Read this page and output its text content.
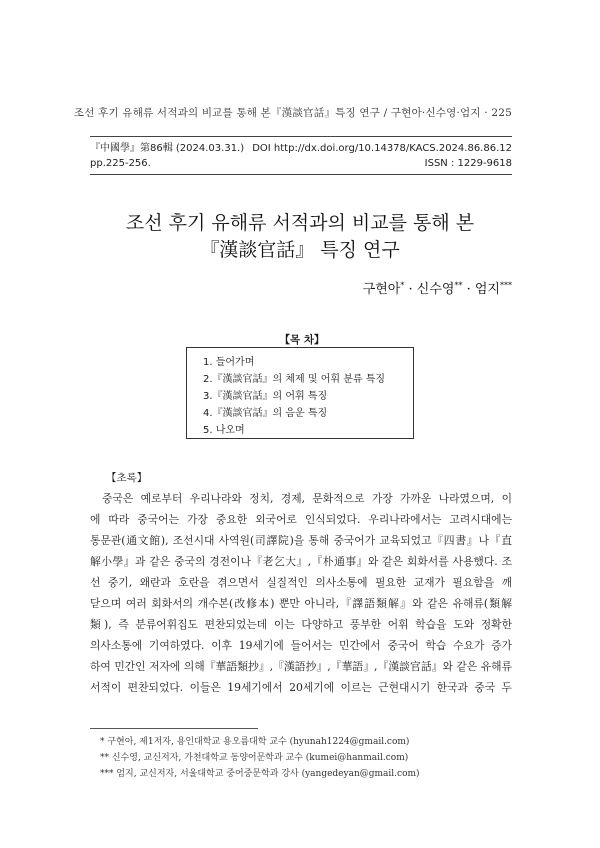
조선 후기 유해류 서적과의 비교를 통해 본『漢談官話』특징 연구 / 구현아·신수영·엄지 · 225
『中國學』第86輯 (2024.03.31.) DOI http://dx.doi.org/10.14378/KACS.2024.86.86.12
pp.225-256.	ISSN : 1229-9618
조선 후기 유해류 서적과의 비교를 통해 본
『漢談官話』 특징 연구
구현아* · 신수영** · 엄지***
【목 차】
1. 들어가며
2.『漢談官話』의 체제 및 어휘 분류 특징
3.『漢談官話』의 어휘 특징
4.『漢談官話』의 음운 특징
5. 나오며
【초록】
중국은 예로부터 우리나라와 정치, 경제, 문화적으로 가장 가까운 나라였으며, 이
에 따라 중국어는 가장 중요한 외국어로 인식되었다. 우리나라에서는 고려시대에는
통문관(通文館), 조선시대 사역원(司譯院)을 통해 중국어가 교육되었고『四書』나『直
解小學』과 같은 중국의 경전이나『老乞大』,『朴通事』와 같은 회화서를 사용했다. 조
선 중기, 왜란과 호란을 겪으면서 실질적인 의사소통에 필요한 교재가 필요함을 깨
닫으며 여러 회화서의 개수본(改修本) 뿐만 아니라,『譯語類解』와 같은 유해류(類解
類), 즉 분류어휘집도 편찬되었는데 이는 다양하고 풍부한 어휘 학습을 도와 정확한
의사소통에 기여하였다. 이후 19세기에 들어서는 민간에서 중국어 학습 수요가 증가
하여 민간인 저자에 의해『華語類抄』,『漢語抄』,『華語』,『漢談官話』와 같은 유해류
서적이 편찬되었다. 이들은 19세기에서 20세기에 이르는 근현대시기 한국과 중국 두
* 구현아, 제1저자, 용인대학교 용오름대학 교수 (hyunah1224@gmail.com)
** 신수영, 교신저자, 가천대학교 동양어문학과 교수 (kumei@hanmail.com)
*** 엄지, 교신저자, 서울대학교 중어중문학과 강사 (yangedeyan@gmail.com)
